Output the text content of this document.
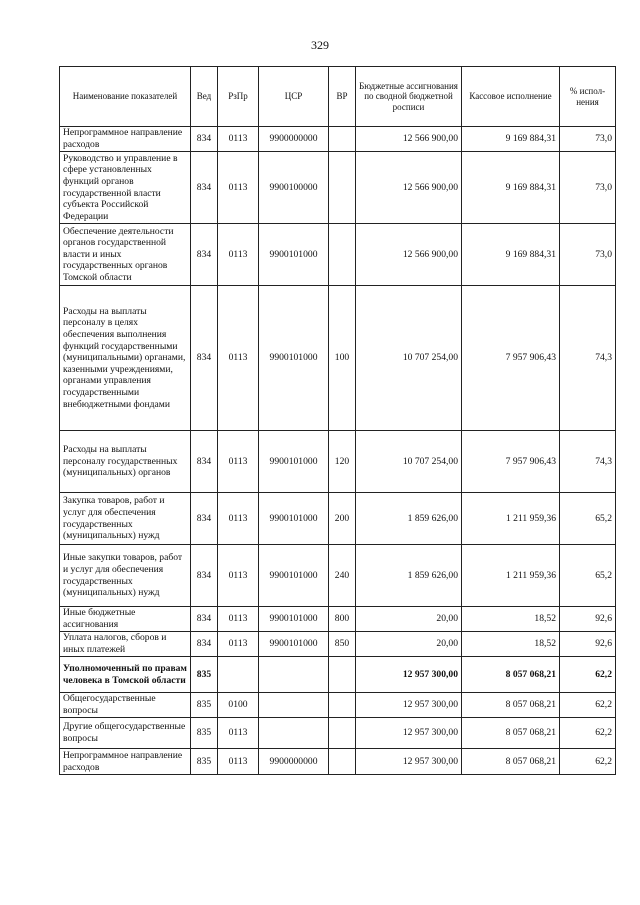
329
Наименование показателей	Вед	РзПр	ЦСР	ВР	Бюджетные ассигнования по сводной бюджетной росписи	Кассовое исполнение	% испол-нения
Непрограммное направление расходов	834	0113	9900000000		12 566 900,00	9 169 884,31	73,0
Руководство и управление в сфере установленных функций органов государственной власти субъекта Российской Федерации	834	0113	9900100000		12 566 900,00	9 169 884,31	73,0
Обеспечение деятельности органов государственной власти и иных государственных органов Томской области	834	0113	9900101000		12 566 900,00	9 169 884,31	73,0
Расходы на выплаты персоналу в целях обеспечения выполнения функций государственными (муниципальными) органами, казенными учреждениями, органами управления государственными внебюджетными фондами	834	0113	9900101000	100	10 707 254,00	7 957 906,43	74,3
Расходы на выплаты персоналу государственных (муниципальных) органов	834	0113	9900101000	120	10 707 254,00	7 957 906,43	74,3
Закупка товаров, работ и услуг для обеспечения государственных (муниципальных) нужд	834	0113	9900101000	200	1 859 626,00	1 211 959,36	65,2
Иные закупки товаров, работ и услуг для обеспечения государственных (муниципальных) нужд	834	0113	9900101000	240	1 859 626,00	1 211 959,36	65,2
Иные бюджетные ассигнования	834	0113	9900101000	800	20,00	18,52	92,6
Уплата налогов, сборов и иных платежей	834	0113	9900101000	850	20,00	18,52	92,6
Уполномоченный по правам человека в Томской области	835				12 957 300,00	8 057 068,21	62,2
Общегосударственные вопросы	835	0100			12 957 300,00	8 057 068,21	62,2
Другие общегосударственные вопросы	835	0113			12 957 300,00	8 057 068,21	62,2
Непрограммное направление расходов	835	0113	9900000000		12 957 300,00	8 057 068,21	62,2
